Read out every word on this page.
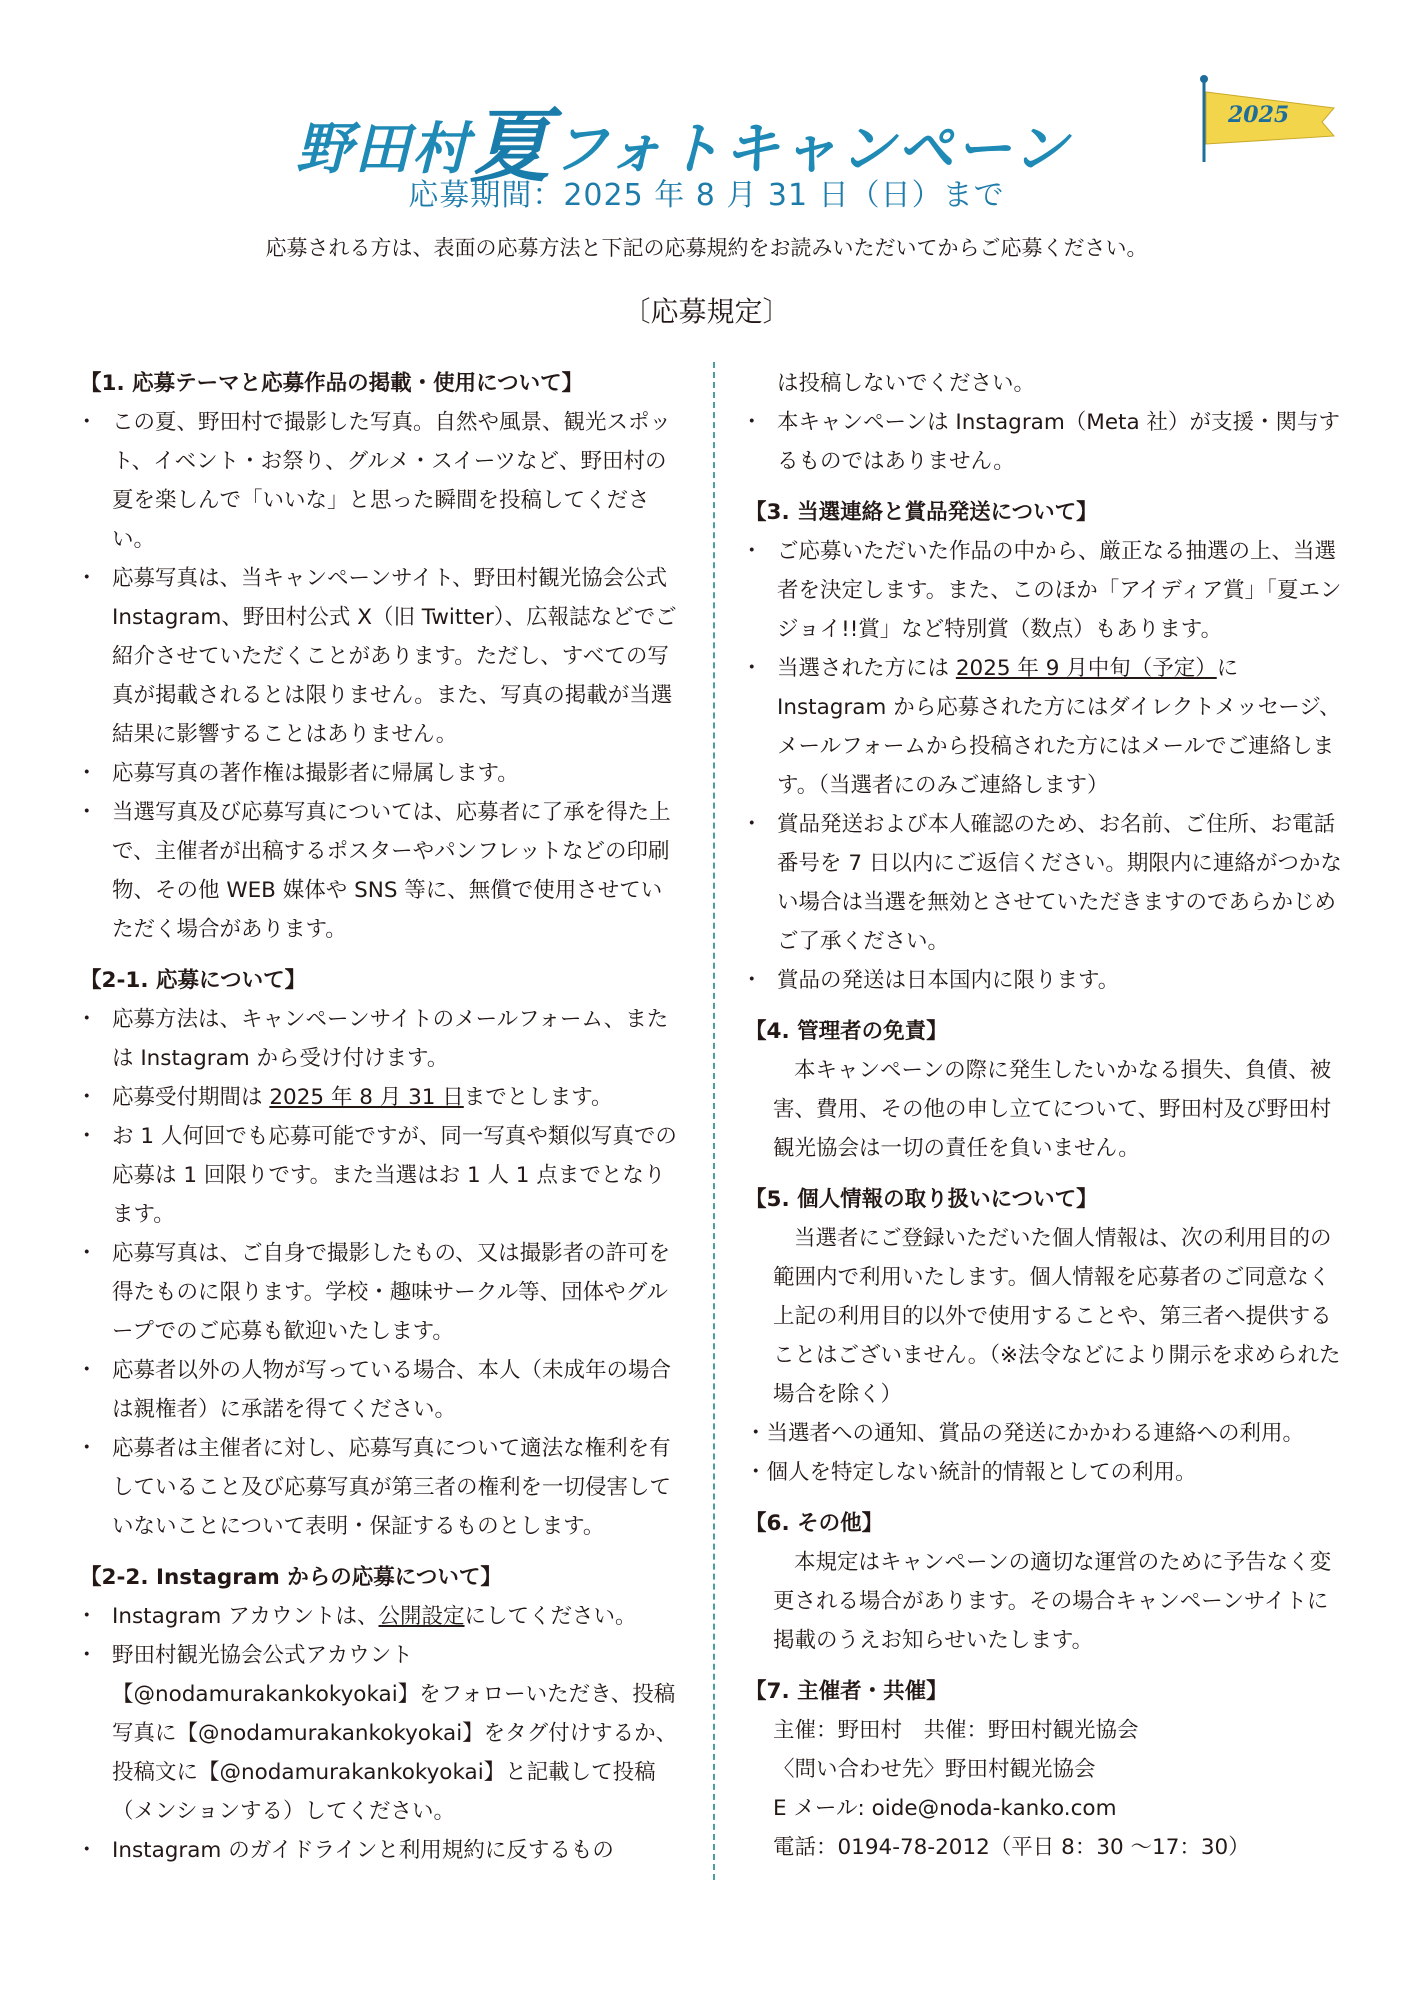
野田村夏フォトキャンペーン
2025
応募期間：2025 年 8 月 31 日（日）まで
応募される方は、表面の応募方法と下記の応募規約をお読みいただいてからご応募ください。
〔応募規定〕

【1. 応募テーマと応募作品の掲載・使用について】

・ この夏、野田村で撮影した写真。自然や風景、観光スポット、イベント・お祭り、グルメ・スイーツなど、野田村の夏を楽しんで「いいな」と思った瞬間を投稿してください。
・ 応募写真は、当キャンペーンサイト、野田村観光協会公式 Instagram、野田村公式 X（旧 Twitter）、広報誌などでご紹介させていただくことがあります。ただし、すべての写真が掲載されるとは限りません。また、写真の掲載が当選結果に影響することはありません。
・ 応募写真の著作権は撮影者に帰属します。
・ 当選写真及び応募写真については、応募者に了承を得た上で、主催者が出稿するポスターやパンフレットなどの印刷物、その他 WEB 媒体や SNS 等に、無償で使用させていただく場合があります。

【2-1. 応募について】

・ 応募方法は、キャンペーンサイトのメールフォーム、または Instagram から受け付けます。
・ 応募受付期間は 2025 年 8 月 31 日までとします。
・ お 1 人何回でも応募可能ですが、同一写真や類似写真での応募は 1 回限りです。また当選はお 1 人 1 点までとなります。
・ 応募写真は、ご自身で撮影したもの、又は撮影者の許可を得たものに限ります。学校・趣味サークル等、団体やグループでのご応募も歓迎いたします。
・ 応募者以外の人物が写っている場合、本人（未成年の場合は親権者）に承諾を得てください。
・ 応募者は主催者に対し、応募写真について適法な権利を有していること及び応募写真が第三者の権利を一切侵害していないことについて表明・保証するものとします。

【2-2. Instagram からの応募について】

・ Instagram アカウントは、公開設定にしてください。
・ 野田村観光協会公式アカウント【@nodamurakankokyokai】をフォローいただき、投稿写真に【@nodamurakankokyokai】をタグ付けするか、投稿文に【@nodamurakankokyokai】と記載して投稿（メンションする）してください。
・ Instagram のガイドラインと利用規約に反するもの

は投稿しないでください。

・ 本キャンペーンは Instagram（Meta 社）が支援・関与するものではありません。

【3. 当選連絡と賞品発送について】

・ ご応募いただいた作品の中から、厳正なる抽選の上、当選者を決定します。また、このほか「アイディア賞」「夏エンジョイ!!賞」など特別賞（数点）もあります。
・ 当選された方には 2025 年 9 月中旬（予定）に Instagram から応募された方にはダイレクトメッセージ、メールフォームから投稿された方にはメールでご連絡します。（当選者にのみご連絡します）
・ 賞品発送および本人確認のため、お名前、ご住所、お電話番号を 7 日以内にご返信ください。期限内に連絡がつかない場合は当選を無効とさせていただきますのであらかじめご了承ください。
・ 賞品の発送は日本国内に限ります。

【4. 管理者の免責】

本キャンペーンの際に発生したいかなる損失、負債、被害、費用、その他の申し立てについて、野田村及び野田村観光協会は一切の責任を負いません。

【5. 個人情報の取り扱いについて】

当選者にご登録いただいた個人情報は、次の利用目的の範囲内で利用いたします。個人情報を応募者のご同意なく上記の利用目的以外で使用することや、第三者へ提供することはございません。（※法令などにより開示を求められた場合を除く）

・当選者への通知、賞品の発送にかかわる連絡への利用。
・個人を特定しない統計的情報としての利用。

【6. その他】

本規定はキャンペーンの適切な運営のために予告なく変更される場合があります。その場合キャンペーンサイトに掲載のうえお知らせいたします。

【7. 主催者・共催】

主催：野田村　共催：野田村観光協会

〈問い合わせ先〉野田村観光協会

E メール: oide@noda-kanko.com

電話：0194-78-2012（平日 8：30 ～17：30）
